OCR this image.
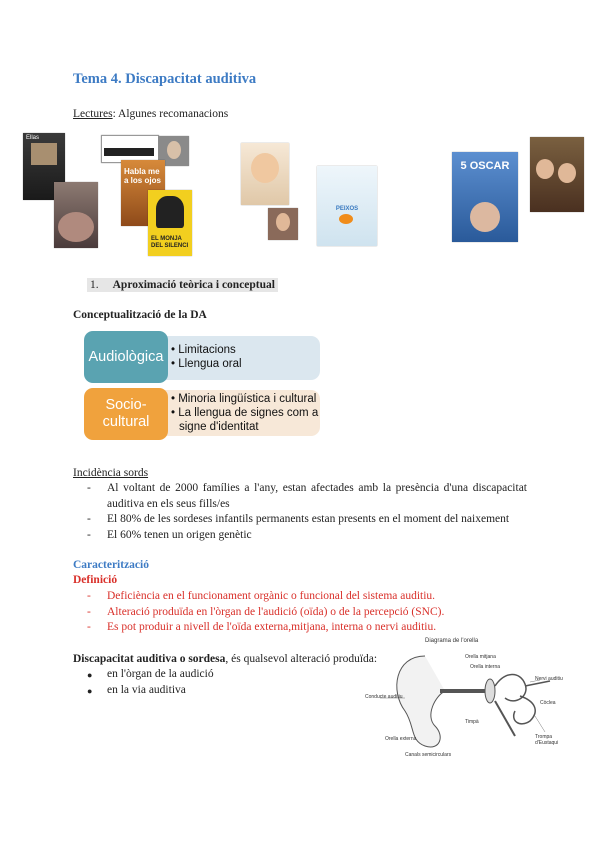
Tema 4. Discapacitat auditiva
Lectures: Algunes recomanacions
Ellas
Habla me a los ojos
EL MONJA DEL SILENCI
PEIXOS
5 OSCAR
1. Aproximació teòrica i conceptual
Conceptualització de la DA
• Limitacions
• Llengua oral
Audiològica
• Minoria lingüística i cultural
• La llengua de signes com a signe d'identitat
Socio-
cultural
Incidència sords
- Al voltant de 2000 famílies a l'any, estan afectades amb la presència d'una discapacitat auditiva en els seus fills/es
- El 80% de les sordeses infantils permanents estan presents en el moment del naixement
- El 60% tenen un origen genètic
Caracterització
Definició
- Deficiència en el funcionament orgànic o funcional del sistema auditiu.
- Alteració produïda en l'òrgan de l'audició (oïda) o de la percepció (SNC).
- Es pot produir a nivell de l'oïda externa,mitjana, interna o nervi auditiu.
Discapacitat auditiva o sordesa, és qualsevol alteració produïda:
● en l'òrgan de la audició
● en la via auditiva
Diagrama de l'orella
Conducte auditiu
Nervi auditiu
Còclea
Timpà
Trompa d'Eustaqui
Orella externa
Orella mitjana
Orella interna
Canals semicirculars
